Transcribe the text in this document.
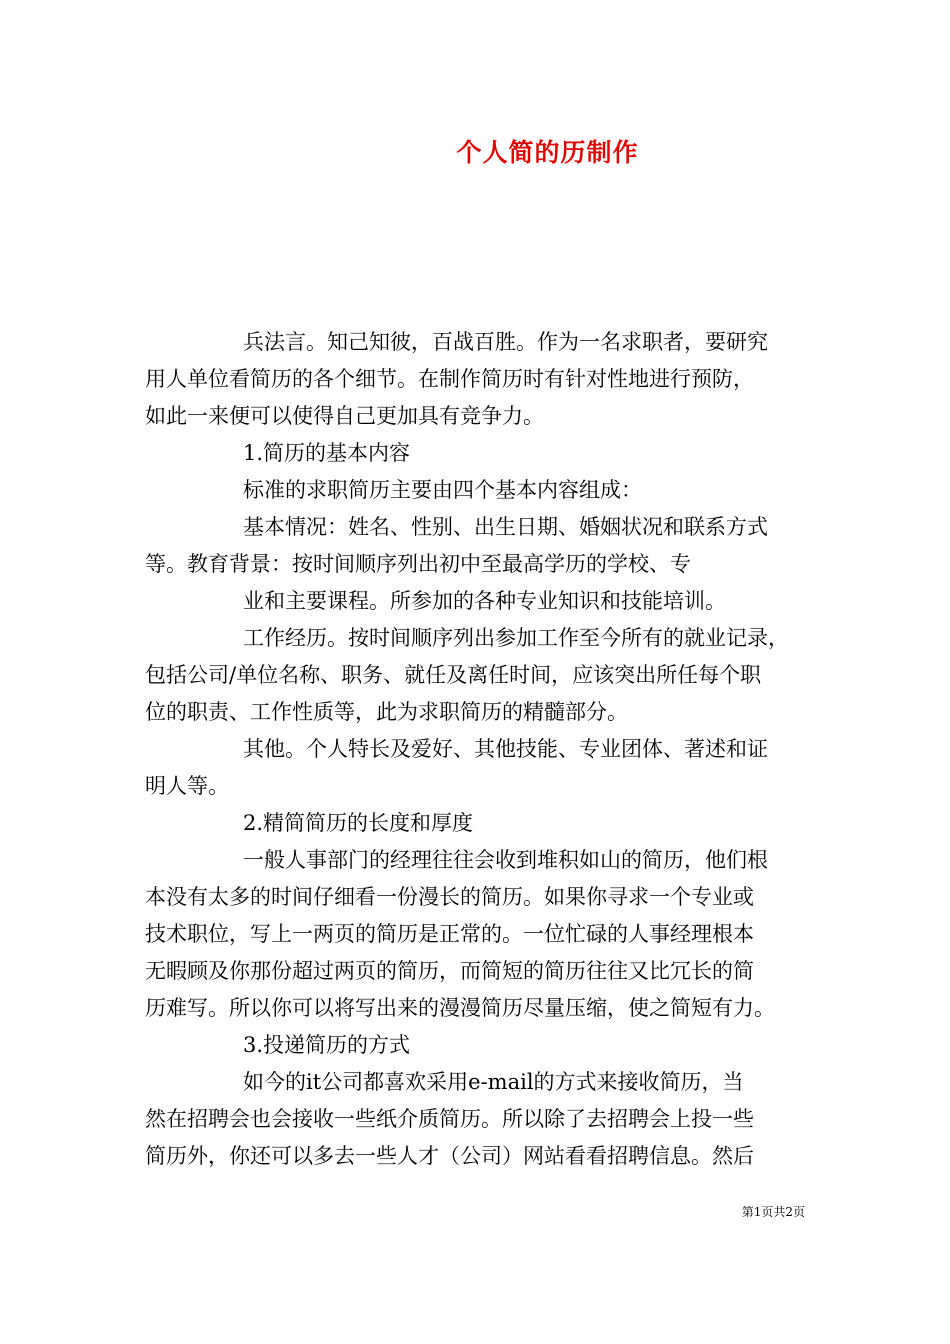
个人简的历制作
兵法言。知己知彼，百战百胜。作为一名求职者，要研究
用人单位看简历的各个细节。在制作简历时有针对性地进行预防，
如此一来便可以使得自己更加具有竞争力。
1.简历的基本内容
标准的求职简历主要由四个基本内容组成：
基本情况：姓名、性别、出生日期、婚姻状况和联系方式
等。教育背景：按时间顺序列出初中至最高学历的学校、专
业和主要课程。所参加的各种专业知识和技能培训。
工作经历。按时间顺序列出参加工作至今所有的就业记录，
包括公司/单位名称、职务、就任及离任时间，应该突出所任每个职
位的职责、工作性质等，此为求职简历的精髓部分。
其他。个人特长及爱好、其他技能、专业团体、著述和证
明人等。
2.精简简历的长度和厚度
一般人事部门的经理往往会收到堆积如山的简历，他们根
本没有太多的时间仔细看一份漫长的简历。如果你寻求一个专业或
技术职位，写上一两页的简历是正常的。一位忙碌的人事经理根本
无暇顾及你那份超过两页的简历，而简短的简历往往又比冗长的简
历难写。所以你可以将写出来的漫漫简历尽量压缩，使之简短有力。
3.投递简历的方式
如今的it公司都喜欢采用e-mail的方式来接收简历，当
然在招聘会也会接收一些纸介质简历。所以除了去招聘会上投一些
简历外，你还可以多去一些人才（公司）网站看看招聘信息。然后
第1页共2页
